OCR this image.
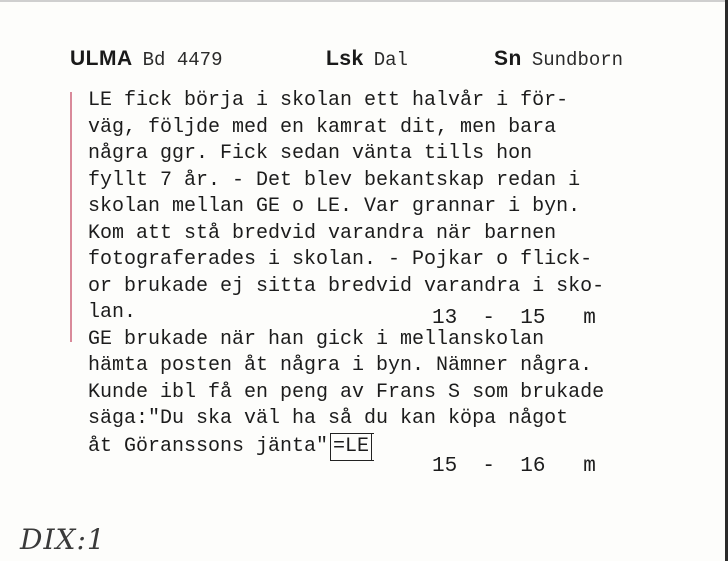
ULMA Bd 4479	Lsk Dal	Sn Sundborn
LE fick börja i skolan ett halvår i för-
väg, följde med en kamrat dit, men bara
några ggr. Fick sedan vänta tills hon
fyllt 7 år. - Det blev bekantskap redan i
skolan mellan GE o LE. Var grannar i byn.
Kom att stå bredvid varandra när barnen
fotograferades i skolan. - Pojkar o flick-
or brukade ej sitta bredvid varandra i sko-
lan.
GE brukade när han gick i mellanskolan
hämta posten åt några i byn. Nämner några.
Kunde ibl få en peng av Frans S som brukade
säga:"Du ska väl ha så du kan köpa något
åt Göranssons jänta" =LE
13  -  15   m
15  -  16   m
DIX:1
